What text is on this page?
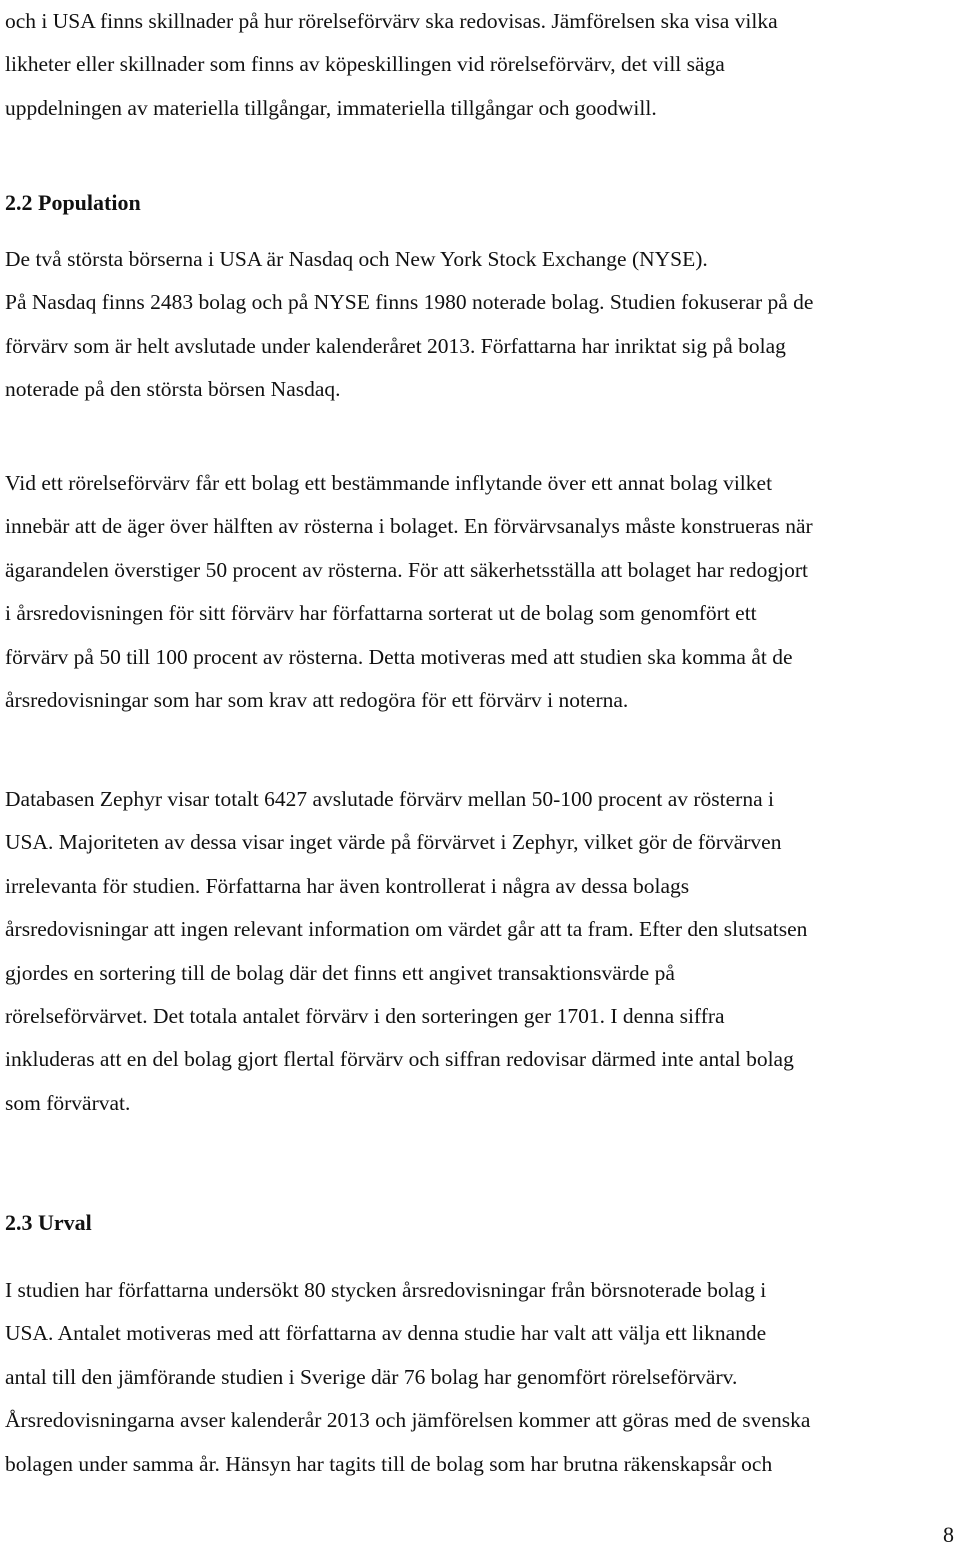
och i USA finns skillnader på hur rörelseförvärv ska redovisas. Jämförelsen ska visa vilka
likheter eller skillnader som finns av köpeskillingen vid rörelseförvärv, det vill säga
uppdelningen av materiella tillgångar, immateriella tillgångar och goodwill.
2.2 Population
De två största börserna i USA är Nasdaq och New York Stock Exchange (NYSE).
På Nasdaq finns 2483 bolag och på NYSE finns 1980 noterade bolag. Studien fokuserar på de
förvärv som är helt avslutade under kalenderåret 2013. Författarna har inriktat sig på bolag
noterade på den största börsen Nasdaq.
Vid ett rörelseförvärv får ett bolag ett bestämmande inflytande över ett annat bolag vilket
innebär att de äger över hälften av rösterna i bolaget. En förvärvsanalys måste konstrueras när
ägarandelen överstiger 50 procent av rösterna. För att säkerhetsställa att bolaget har redogjort
i årsredovisningen för sitt förvärv har författarna sorterat ut de bolag som genomfört ett
förvärv på 50 till 100 procent av rösterna. Detta motiveras med att studien ska komma åt de
årsredovisningar som har som krav att redogöra för ett förvärv i noterna.
Databasen Zephyr visar totalt 6427 avslutade förvärv mellan 50-100 procent av rösterna i
USA. Majoriteten av dessa visar inget värde på förvärvet i Zephyr, vilket gör de förvärven
irrelevanta för studien. Författarna har även kontrollerat i några av dessa bolags
årsredovisningar att ingen relevant information om värdet går att ta fram. Efter den slutsatsen
gjordes en sortering till de bolag där det finns ett angivet transaktionsvärde på
rörelseförvärvet. Det totala antalet förvärv i den sorteringen ger 1701. I denna siffra
inkluderas att en del bolag gjort flertal förvärv och siffran redovisar därmed inte antal bolag
som förvärvat.
2.3 Urval
I studien har författarna undersökt 80 stycken årsredovisningar från börsnoterade bolag i
USA. Antalet motiveras med att författarna av denna studie har valt att välja ett liknande
antal till den jämförande studien i Sverige där 76 bolag har genomfört rörelseförvärv.
Årsredovisningarna avser kalenderår 2013 och jämförelsen kommer att göras med de svenska
bolagen under samma år. Hänsyn har tagits till de bolag som har brutna räkenskapsår och
8
